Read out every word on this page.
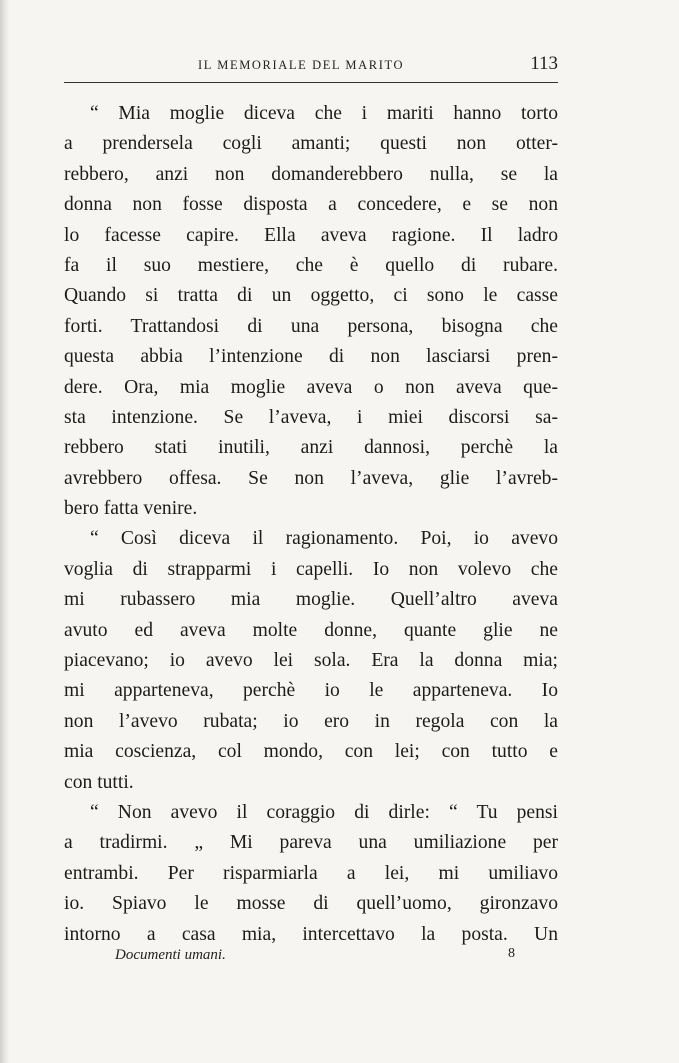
IL MEMORIALE DEL MARITO	113
“ Mia moglie diceva che i mariti hanno torto
a prendersela cogli amanti; questi non otter-
rebbero, anzi non domanderebbero nulla, se la
donna non fosse disposta a concedere, e se non
lo facesse capire. Ella aveva ragione. Il ladro
fa il suo mestiere, che è quello di rubare.
Quando si tratta di un oggetto, ci sono le casse
forti. Trattandosi di una persona, bisogna che
questa abbia l’intenzione di non lasciarsi pren-
dere. Ora, mia moglie aveva o non aveva que-
sta intenzione. Se l’aveva, i miei discorsi sa-
rebbero stati inutili, anzi dannosi, perchè la
avrebbero offesa. Se non l’aveva, glie l’avreb-
bero fatta venire.
“ Così diceva il ragionamento. Poi, io avevo
voglia di strapparmi i capelli. Io non volevo che
mi rubassero mia moglie. Quell’altro aveva
avuto ed aveva molte donne, quante glie ne
piacevano; io avevo lei sola. Era la donna mia;
mi apparteneva, perchè io le apparteneva. Io
non l’avevo rubata; io ero in regola con la
mia coscienza, col mondo, con lei; con tutto e
con tutti.
“ Non avevo il coraggio di dirle: “ Tu pensi
a tradirmi. „ Mi pareva una umiliazione per
entrambi. Per risparmiarla a lei, mi umiliavo
io. Spiavo le mosse di quell’uomo, gironzavo
intorno a casa mia, intercettavo la posta. Un
Documenti umani.	8
